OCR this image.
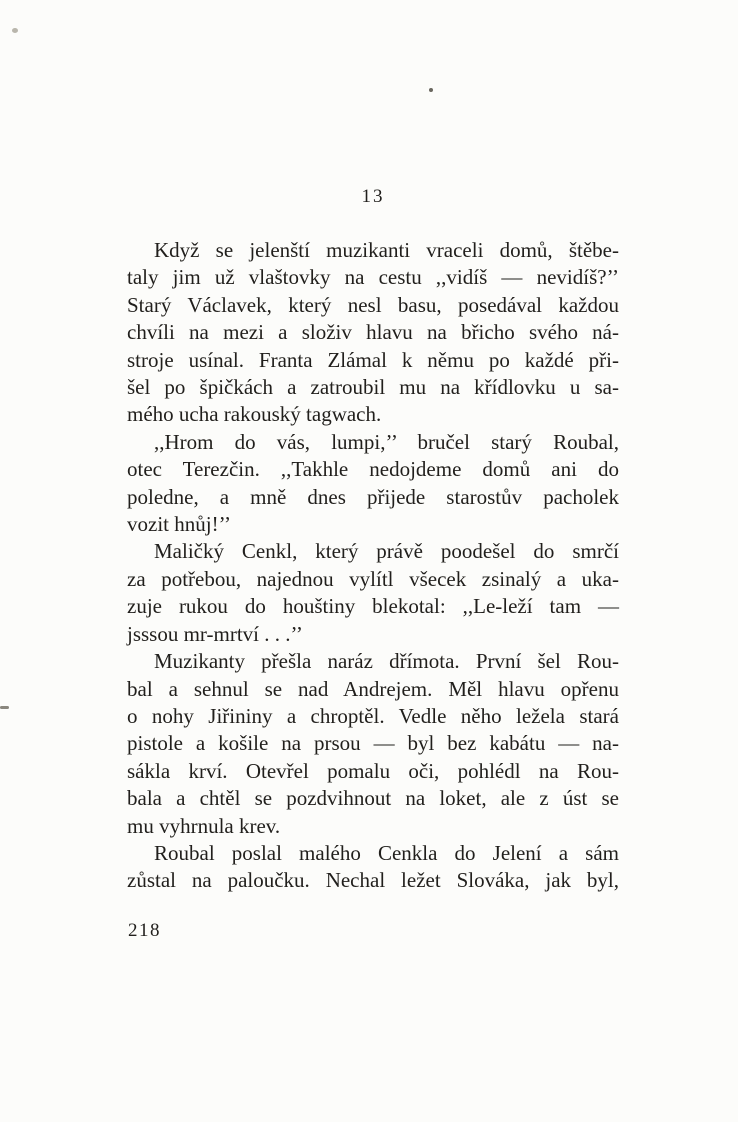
13

Když se jelenští muzikanti vraceli domů, štěbe-

taly jim už vlaštovky na cestu ,,vidíš — nevidíš?’’

Starý Václavek, který nesl basu, posedával každou

chvíli na mezi a složiv hlavu na břicho svého ná-

stroje usínal. Franta Zlámal k němu po každé při-

šel po špičkách a zatroubil mu na křídlovku u sa-

mého ucha rakouský tagwach.

,,Hrom do vás, lumpi,’’ bručel starý Roubal,

otec Terezčin. ,,Takhle nedojdeme domů ani do

poledne, a mně dnes přijede starostův pacholek

vozit hnůj!’’

Maličký Cenkl, který právě poodešel do smrčí

za potřebou, najednou vylítl všecek zsinalý a uka-

zuje rukou do houštiny blekotal: ,,Le-leží tam —

jsssou mr-mrtví . . .’’

Muzikanty přešla naráz dřímota. První šel Rou-

bal a sehnul se nad Andrejem. Měl hlavu opřenu

o nohy Jiřininy a chroptěl. Vedle něho ležela stará

pistole a košile na prsou — byl bez kabátu — na-

sákla krví. Otevřel pomalu oči, pohlédl na Rou-

bala a chtěl se pozdvihnout na loket, ale z úst se

mu vyhrnula krev.

Roubal poslal malého Cenkla do Jelení a sám

zůstal na paloučku. Nechal ležet Slováka, jak byl,

218
